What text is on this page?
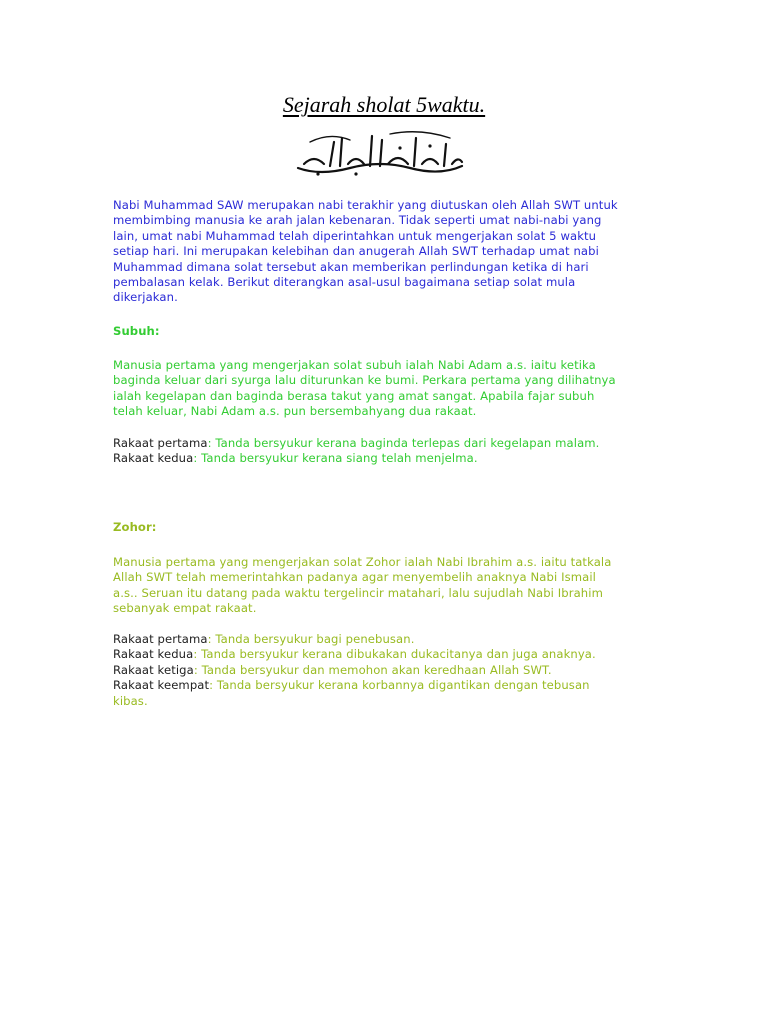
Sejarah sholat 5waktu.
Nabi Muhammad SAW merupakan nabi terakhir yang diutuskan oleh Allah SWT untuk
membimbing manusia ke arah jalan kebenaran. Tidak seperti umat nabi-nabi yang
lain, umat nabi Muhammad telah diperintahkan untuk mengerjakan solat 5 waktu
setiap hari. Ini merupakan kelebihan dan anugerah Allah SWT terhadap umat nabi
Muhammad dimana solat tersebut akan memberikan perlindungan ketika di hari
pembalasan kelak. Berikut diterangkan asal-usul bagaimana setiap solat mula
dikerjakan.
Subuh:
Manusia pertama yang mengerjakan solat subuh ialah Nabi Adam a.s. iaitu ketika
baginda keluar dari syurga lalu diturunkan ke bumi. Perkara pertama yang dilihatnya
ialah kegelapan dan baginda berasa takut yang amat sangat. Apabila fajar subuh
telah keluar, Nabi Adam a.s. pun bersembahyang dua rakaat.
Rakaat pertama: Tanda bersyukur kerana baginda terlepas dari kegelapan malam.
Rakaat kedua: Tanda bersyukur kerana siang telah menjelma.
Zohor:
Manusia pertama yang mengerjakan solat Zohor ialah Nabi Ibrahim a.s. iaitu tatkala
Allah SWT telah memerintahkan padanya agar menyembelih anaknya Nabi Ismail
a.s.. Seruan itu datang pada waktu tergelincir matahari, lalu sujudlah Nabi Ibrahim
sebanyak empat rakaat.
Rakaat pertama: Tanda bersyukur bagi penebusan.
Rakaat kedua: Tanda bersyukur kerana dibukakan dukacitanya dan juga anaknya.
Rakaat ketiga: Tanda bersyukur dan memohon akan keredhaan Allah SWT.
Rakaat keempat: Tanda bersyukur kerana korbannya digantikan dengan tebusan
kibas.
